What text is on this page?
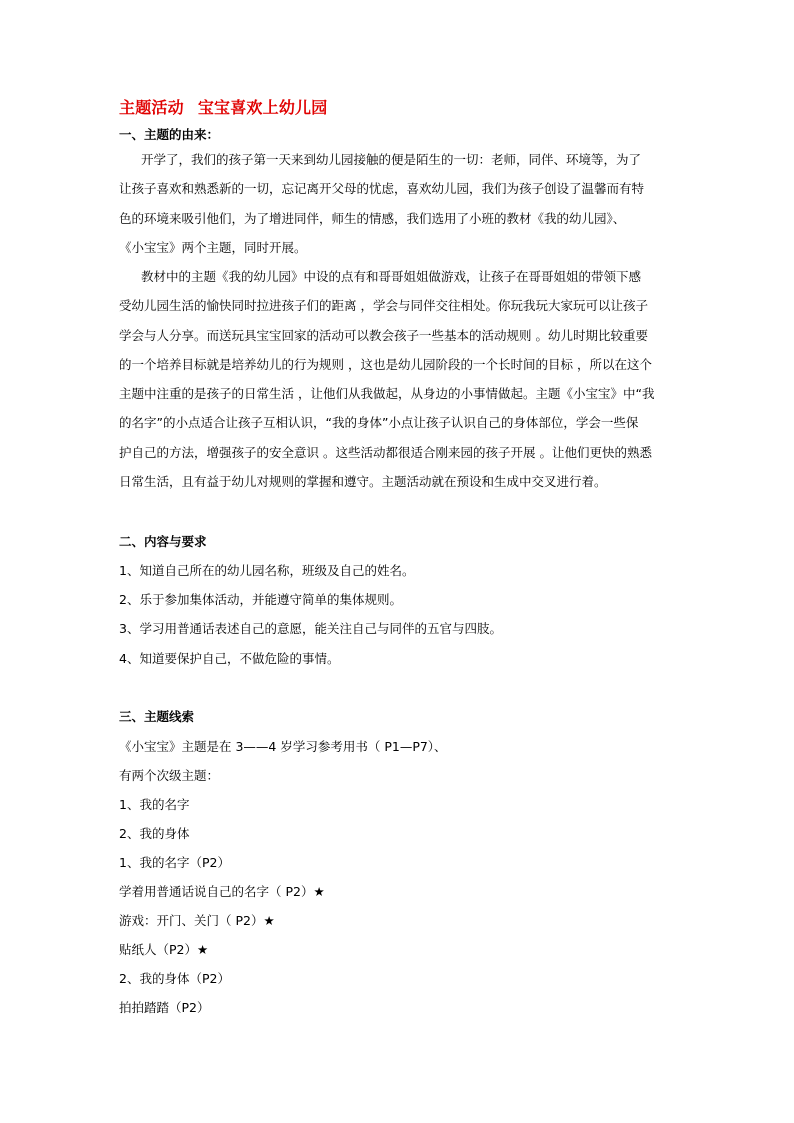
主题活动 宝宝喜欢上幼儿园
一、主题的由来：
开学了，我们的孩子第一天来到幼儿园接触的便是陌生的一切：老师，同伴、环境等，为了
让孩子喜欢和熟悉新的一切，忘记离开父母的忧虑，喜欢幼儿园，我们为孩子创设了温馨而有特
色的环境来吸引他们，为了增进同伴，师生的情感，我们选用了小班的教材《我的幼儿园》、
《小宝宝》两个主题，同时开展。
教材中的主题《我的幼儿园》中设的点有和哥哥姐姐做游戏，让孩子在哥哥姐姐的带领下感
受幼儿园生活的愉快同时拉进孩子们的距离 ，学会与同伴交往相处。你玩我玩大家玩可以让孩子
学会与人分享。而送玩具宝宝回家的活动可以教会孩子一些基本的活动规则 。幼儿时期比较重要
的一个培养目标就是培养幼儿的行为规则 ，这也是幼儿园阶段的一个长时间的目标 ，所以在这个
主题中注重的是孩子的日常生活 ，让他们从我做起，从身边的小事情做起。主题《小宝宝》中“我
的名字”的小点适合让孩子互相认识，“我的身体”小点让孩子认识自己的身体部位，学会一些保
护自己的方法，增强孩子的安全意识 。这些活动都很适合刚来园的孩子开展 。让他们更快的熟悉
日常生活，且有益于幼儿对规则的掌握和遵守。主题活动就在预设和生成中交叉进行着。
二、内容与要求
1、知道自己所在的幼儿园名称，班级及自己的姓名。
2、乐于参加集体活动，并能遵守简单的集体规则。
3、学习用普通话表述自己的意愿，能关注自己与同伴的五官与四肢。
4、知道要保护自己，不做危险的事情。
三、主题线索
《小宝宝》主题是在 3——4 岁学习参考用书（ P1—P7）、
有两个次级主题：
1、我的名字
2、我的身体
1、我的名字（P2）
学着用普通话说自己的名字（ P2）★
游戏：开门、关门（ P2）★
贴纸人（P2）★
2、我的身体（P2）
拍拍踏踏（P2）
